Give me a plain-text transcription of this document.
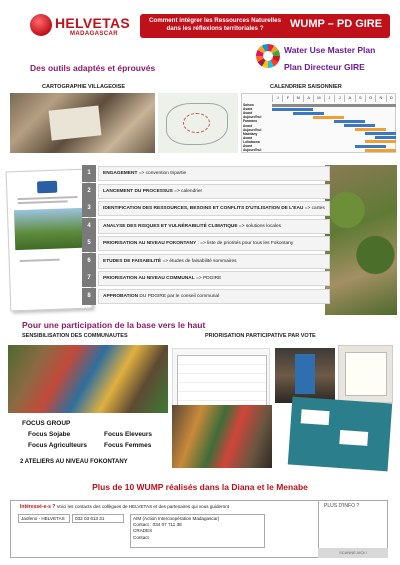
HELVETAS
MADAGASCAR
Comment intégrer les Ressources Naturelles dans les réflexions territoriales ?	WUMP – PD GIRE
Water Use Master Plan
Plan Directeur GIRE
Des outils adaptés et éprouvés
CARTOGRAPHIE VILLAGEOISE	CALENDRIER SAISONNIER
J	F	M	A	M	J	J	A	S	O	N	D
Saison
Asara
Avant
Aujourd'hui
Fararano
Avant
Aujourd'hui
Maintany
Avant
Lohataona
Avant
Aujourd'hui
1	ENGAGEMENT => convention tripartie
2	LANCEMENT DU PROCESSUS => calendrier
3	IDENTIFICATION DES RESSOURCES, BESOINS ET CONFLITS D'UTILISATION DE L'EAU => cartes
4	ANALYSE DES RISQUES ET VULNÉRABILITÉ CLIMATIQUE => solutions locales
5	PRIORISATION AU NIVEAU FOKONTANY : => liste de priorités pour tous les Fokontany
6	ETUDES DE FAISABILITÉ => études de faisabilité sommaires
7	PRIORISATION AU NIVEAU COMMUNAL => PDGIRE
8	APPROBATION DU PDGIRE par le conseil communal
Pour une participation de la base vers le haut
SENSIBILISATION DES COMMUNAUTES	PRIORISATION PARTICIPATIVE PAR VOTE
FOCUS GROUP
Focus Sojabe
Focus Agriculteurs
Focus Eleveurs
Focus Femmes
2 ATELIERS AU NIVEAU FOKONTANY
Plus de 10 WUMP réalisés dans la Diana et le Menabe
Intéressé-e-s ? Voici les contacts des collègues de HELVETAS et des partenaires qui vous guideront
Jaofeno - HELVETAS	032 03 613 31	AIM (Action Intercoopération Madagascar)
Contact : 034 07 711 38
CRADES
Contact
PLUS D'INFO ?
SCANNE-MOI !
